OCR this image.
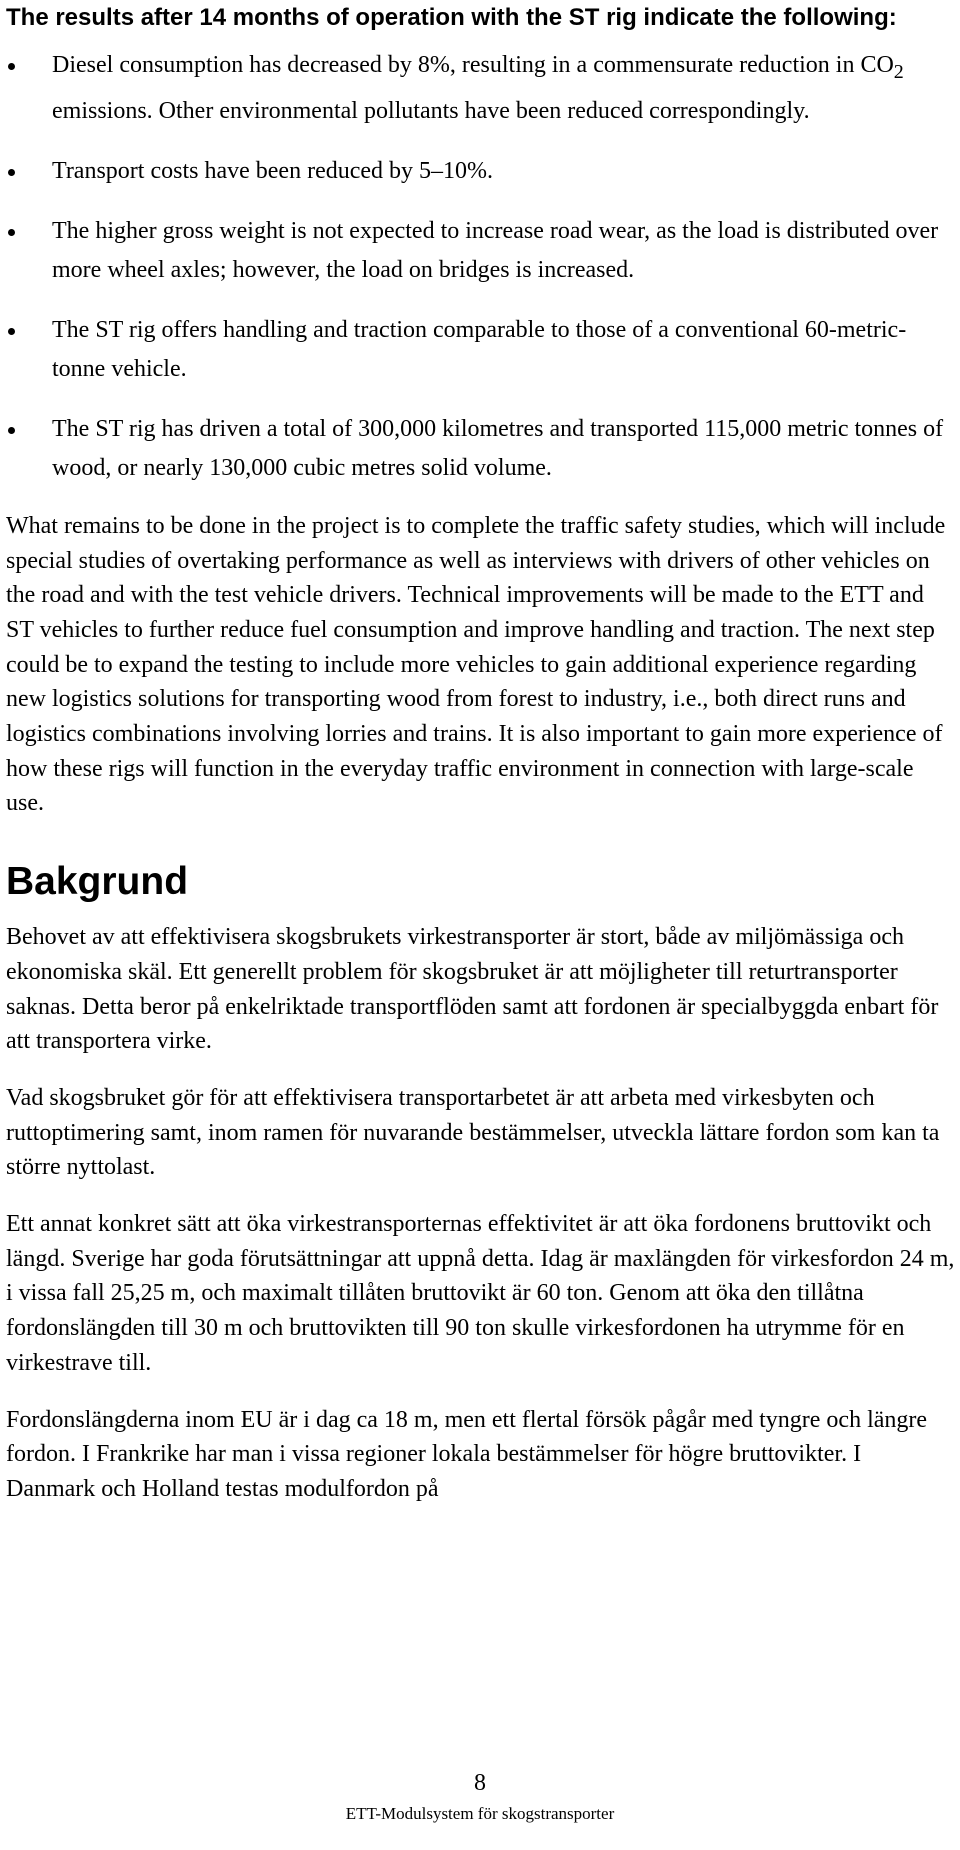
The results after 14 months of operation with the ST rig indicate the following:

Diesel consumption has decreased by 8%, resulting in a commensurate reduction in $CO_2$ emissions. Other environmental pollutants have been reduced correspondingly.
Transport costs have been reduced by 5–10%.
The higher gross weight is not expected to increase road wear, as the load is distributed over more wheel axles; however, the load on bridges is increased.
The ST rig offers handling and traction comparable to those of a conventional 60-metric-tonne vehicle.
The ST rig has driven a total of 300,000 kilometres and transported 115,000 metric tonnes of wood, or nearly 130,000 cubic metres solid volume.

What remains to be done in the project is to complete the traffic safety studies, which will include special studies of overtaking performance as well as interviews with drivers of other vehicles on the road and with the test vehicle drivers. Technical improvements will be made to the ETT and ST vehicles to further reduce fuel consumption and improve handling and traction. The next step could be to expand the testing to include more vehicles to gain additional experience regarding new logistics solutions for transporting wood from forest to industry, i.e., both direct runs and logistics combinations involving lorries and trains. It is also important to gain more experience of how these rigs will function in the everyday traffic environment in connection with large-scale use.

Bakgrund

Behovet av att effektivisera skogsbrukets virkestransporter är stort, både av miljömässiga och ekonomiska skäl. Ett generellt problem för skogsbruket är att möjligheter till returtransporter saknas. Detta beror på enkelriktade transportflöden samt att fordonen är specialbyggda enbart för att transportera virke.

Vad skogsbruket gör för att effektivisera transportarbetet är att arbeta med virkesbyten och ruttoptimering samt, inom ramen för nuvarande bestämmelser, utveckla lättare fordon som kan ta större nyttolast.

Ett annat konkret sätt att öka virkestransporternas effektivitet är att öka fordonens bruttovikt och längd. Sverige har goda förutsättningar att uppnå detta. Idag är maxlängden för virkesfordon 24 m, i vissa fall 25,25 m, och maximalt tillåten bruttovikt är 60 ton. Genom att öka den tillåtna fordonslängden till 30 m och bruttovikten till 90 ton skulle virkesfordonen ha utrymme för en virkestrave till.

Fordonslängderna inom EU är i dag ca 18 m, men ett flertal försök pågår med tyngre och längre fordon. I Frankrike har man i vissa regioner lokala bestämmelser för högre bruttovikter. I Danmark och Holland testas modulfordon på

8
ETT-Modulsystem för skogstransporter
